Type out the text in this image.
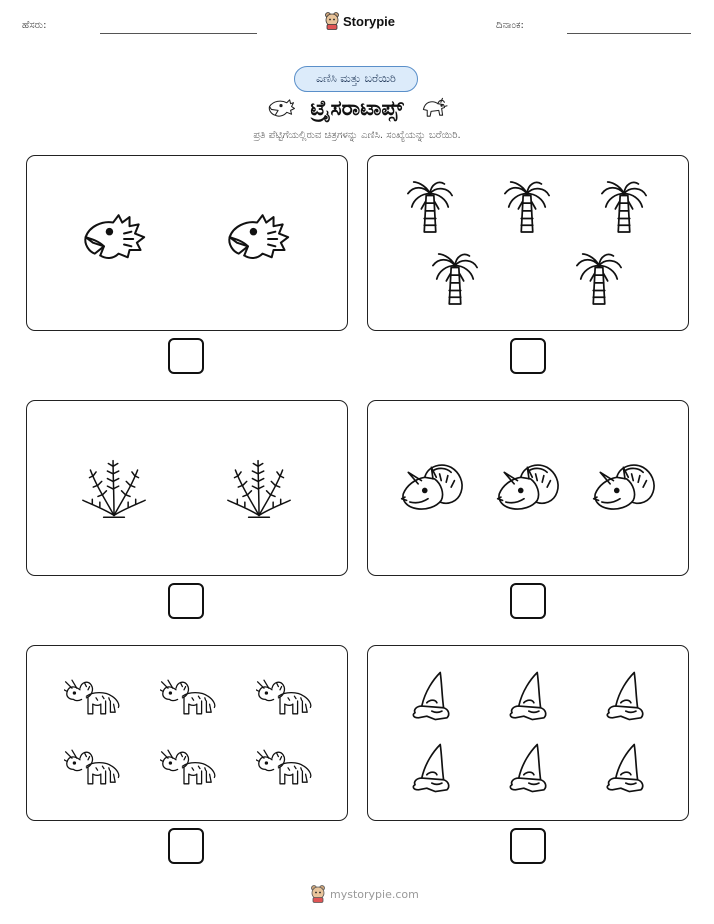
ಹೆಸರು:	Storypie	ದಿನಾಂಕ:
ಎಣಿಸಿ ಮತ್ತು ಬರೆಯಿರಿ
ಟ್ರೈಸರಾಟಾಪ್ಸ್
ಪ್ರತಿ ಪೆಟ್ಟಿಗೆಯಲ್ಲಿರುವ ಚಿತ್ರಗಳನ್ನು ಎಣಿಸಿ. ಸಂಖ್ಯೆಯನ್ನು ಬರೆಯಿರಿ.
mystorypie.com
